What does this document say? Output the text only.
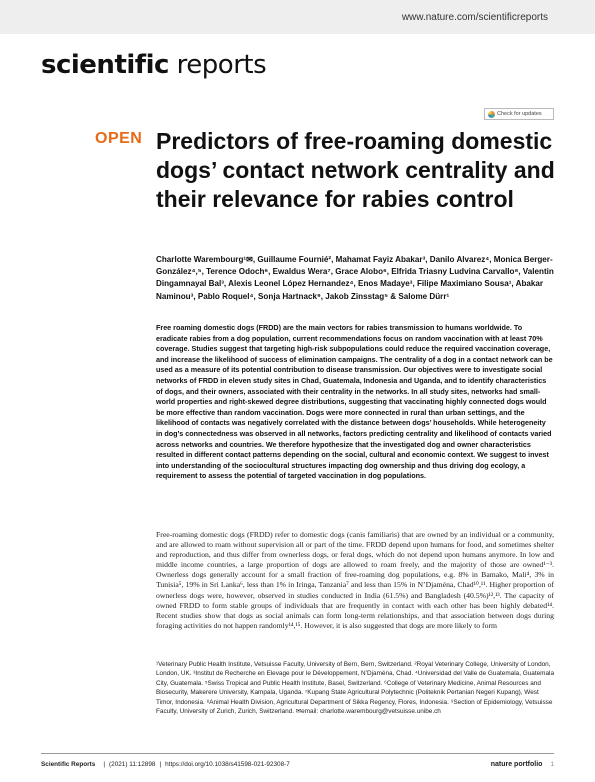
www.nature.com/scientificreports
scientific reports
Check for updates
OPEN Predictors of free-roaming domestic dogs’ contact network centrality and their relevance for rabies control
Charlotte Warembourg¹✉, Guillaume Fournié², Mahamat Fayiz Abakar³, Danilo Alvarez⁴, Monica Berger-González⁴,⁵, Terence Odoch⁶, Ewaldus Wera⁷, Grace Alobo⁶, Elfrida Triasny Ludvina Carvallo⁸, Valentin Dingamnayal Bal³, Alexis Leonel López Hernandez⁴, Enos Madaye³, Filipe Maximiano Sousa¹, Abakar Naminou³, Pablo Roquel⁴, Sonja Hartnack⁹, Jakob Zinsstag⁵ & Salome Dürr¹
Free roaming domestic dogs (FRDD) are the main vectors for rabies transmission to humans worldwide. To eradicate rabies from a dog population, current recommendations focus on random vaccination with at least 70% coverage. Studies suggest that targeting high-risk subpopulations could reduce the required vaccination coverage, and increase the likelihood of success of elimination campaigns. The centrality of a dog in a contact network can be used as a measure of its potential contribution to disease transmission. Our objectives were to investigate social networks of FRDD in eleven study sites in Chad, Guatemala, Indonesia and Uganda, and to identify characteristics of dogs, and their owners, associated with their centrality in the networks. In all study sites, networks had small-world properties and right-skewed degree distributions, suggesting that vaccinating highly connected dogs would be more effective than random vaccination. Dogs were more connected in rural than urban settings, and the likelihood of contacts was negatively correlated with the distance between dogs’ households. While heterogeneity in dog’s connectedness was observed in all networks, factors predicting centrality and likelihood of contacts varied across networks and countries. We therefore hypothesize that the investigated dog and owner characteristics resulted in different contact patterns depending on the social, cultural and economic context. We suggest to invest into understanding of the sociocultural structures impacting dog ownership and thus driving dog ecology, a requirement to assess the potential of targeted vaccination in dog populations.
Free-roaming domestic dogs (FRDD) refer to domestic dogs (canis familiaris) that are owned by an individual or a community, and are allowed to roam without supervision all or part of the time. FRDD depend upon humans for food, and sometimes shelter and reproduction, and thus differ from ownerless dogs, or feral dogs, which do not depend upon humans anymore. In low and middle income countries, a large proportion of dogs are allowed to roam freely, and the majority of those are owned¹⁻³. Ownerless dogs generally account for a small fraction of free-roaming dog populations, e.g. 8% in Bamako, Mali⁴, 3% in Tunisia⁵, 19% in Sri Lanka⁶, less than 1% in Iringa, Tanzania⁷ and less than 15% in N’Djaména, Chad¹⁰,¹¹. Higher proportion of ownerless dogs were, however, observed in studies conducted in India (61.5%) and Bangladesh (40.5%)¹²,¹³. The capacity of owned FRDD to form stable groups of individuals that are frequently in contact with each other has been highly debated¹⁴. Recent studies show that dogs as social animals can form long-term relationships, and that association between dogs during foraging activities do not happen randomly¹⁴,¹⁵. However, it is also suggested that dogs are more likely to form
¹Veterinary Public Health Institute, Vetsuisse Faculty, University of Bern, Bern, Switzerland. ²Royal Veterinary College, University of London, London, UK. ³Institut de Recherche en Elevage pour le Développement, N’Djaména, Chad. ⁴Universidad del Valle de Guatemala, Guatemala City, Guatemala. ⁵Swiss Tropical and Public Health Institute, Basel, Switzerland. ⁶College of Veterinary Medicine, Animal Resources and Biosecurity, Makerere University, Kampala, Uganda. ⁷Kupang State Agricultural Polytechnic (Politeknik Pertanian Negeri Kupang), West Timor, Indonesia. ⁸Animal Health Division, Agricultural Department of Sikka Regency, Flores, Indonesia. ⁹Section of Epidemiology, Vetsuisse Faculty, University of Zurich, Zurich, Switzerland. ✉email: charlotte.warembourg@vetsuisse.unibe.ch
Scientific Reports | (2021) 11:12898 | https://doi.org/10.1038/s41598-021-92308-7	nature portfolio 1
